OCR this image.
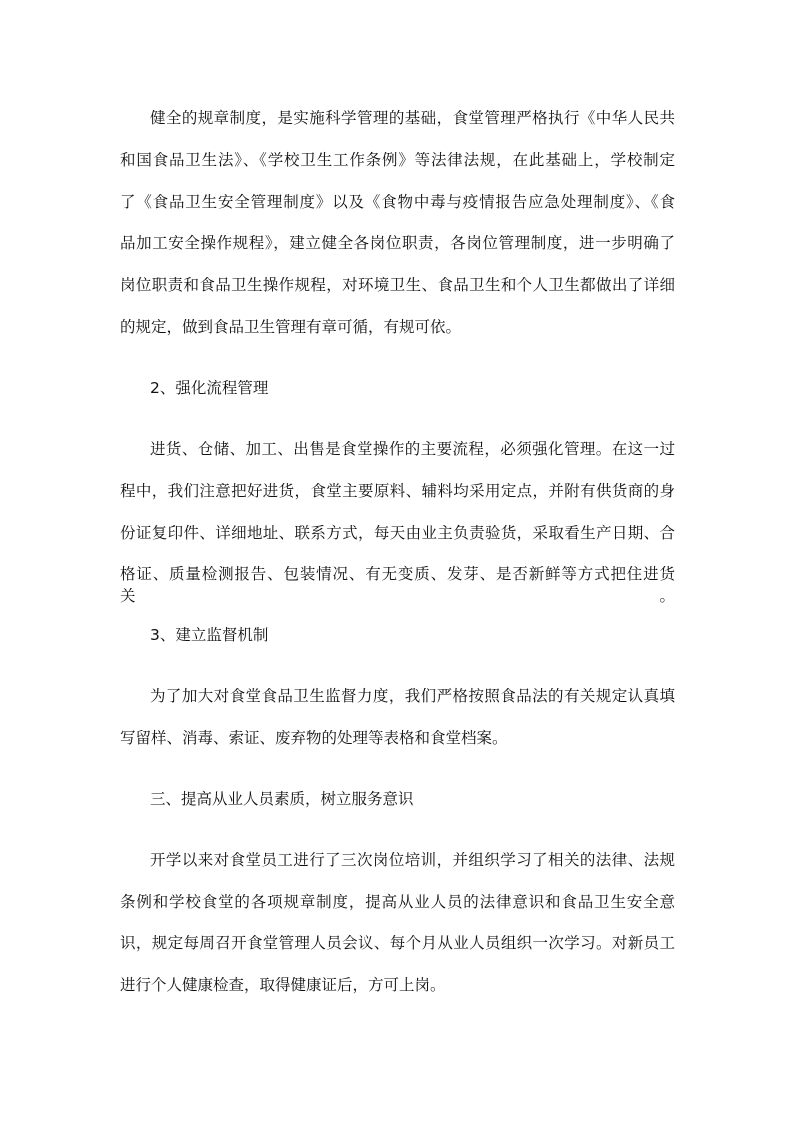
健全的规章制度，是实施科学管理的基础，食堂管理严格执行《中华人民共
和国食品卫生法》、《学校卫生工作条例》等法律法规，在此基础上，学校制定
了《食品卫生安全管理制度》以及《食物中毒与疫情报告应急处理制度》、《食
品加工安全操作规程》，建立健全各岗位职责，各岗位管理制度，进一步明确了
岗位职责和食品卫生操作规程，对环境卫生、食品卫生和个人卫生都做出了详细
的规定，做到食品卫生管理有章可循，有规可依。
2、强化流程管理
进货、仓储、加工、出售是食堂操作的主要流程，必须强化管理。在这一过
程中，我们注意把好进货，食堂主要原料、辅料均采用定点，并附有供货商的身
份证复印件、详细地址、联系方式，每天由业主负责验货，采取看生产日期、合
格证、质量检测报告、包装情况、有无变质、发芽、是否新鲜等方式把住进货关。
3、建立监督机制
为了加大对食堂食品卫生监督力度，我们严格按照食品法的有关规定认真填
写留样、消毒、索证、废弃物的处理等表格和食堂档案。
三、提高从业人员素质，树立服务意识
开学以来对食堂员工进行了三次岗位培训，并组织学习了相关的法律、法规
条例和学校食堂的各项规章制度，提高从业人员的法律意识和食品卫生安全意
识，规定每周召开食堂管理人员会议、每个月从业人员组织一次学习。对新员工
进行个人健康检查，取得健康证后，方可上岗。
